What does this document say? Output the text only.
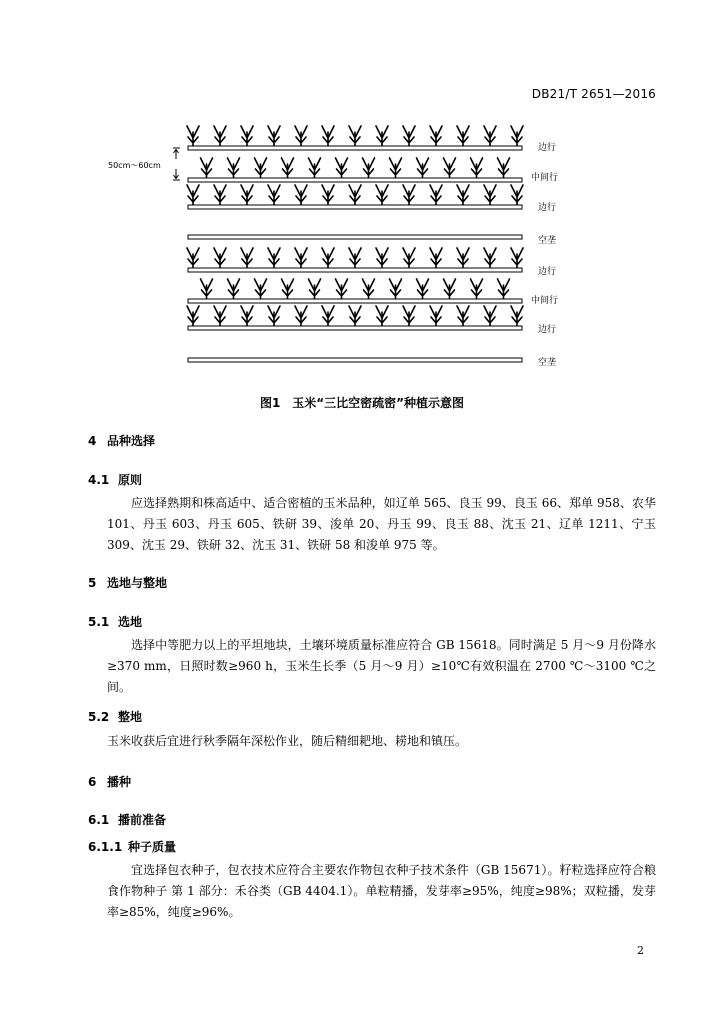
DB21/T 2651—2016
50cm～60cm
边行
中间行
边行
空垄
边行
中间行
边行
空垄
图1　玉米“三比空密疏密”种植示意图
4 品种选择
4.1 原则
应选择熟期和株高适中、适合密植的玉米品种，如辽单 565、良玉 99、良玉 66、郑单 958、农华 101、丹玉 603、丹玉 605、铁研 39、浚单 20、丹玉 99、良玉 88、沈玉 21、辽单 1211、宁玉 309、沈玉 29、铁研 32、沈玉 31、铁研 58 和浚单 975 等。
5 选地与整地
5.1 选地
选择中等肥力以上的平坦地块，土壤环境质量标准应符合 GB 15618。同时满足 5 月～9 月份降水≥370 mm，日照时数≥960 h，玉米生长季（5 月～9 月）≥10℃有效积温在 2700 ℃～3100 ℃之间。
5.2 整地
玉米收获后宜进行秋季隔年深松作业，随后精细耙地、耢地和镇压。
6 播种
6.1 播前准备
6.1.1 种子质量
宜选择包衣种子，包衣技术应符合主要农作物包衣种子技术条件（GB 15671）。籽粒选择应符合粮食作物种子 第 1 部分：禾谷类（GB 4404.1）。单粒精播，发芽率≥95%，纯度≥98%；双粒播，发芽率≥85%，纯度≥96%。
2
